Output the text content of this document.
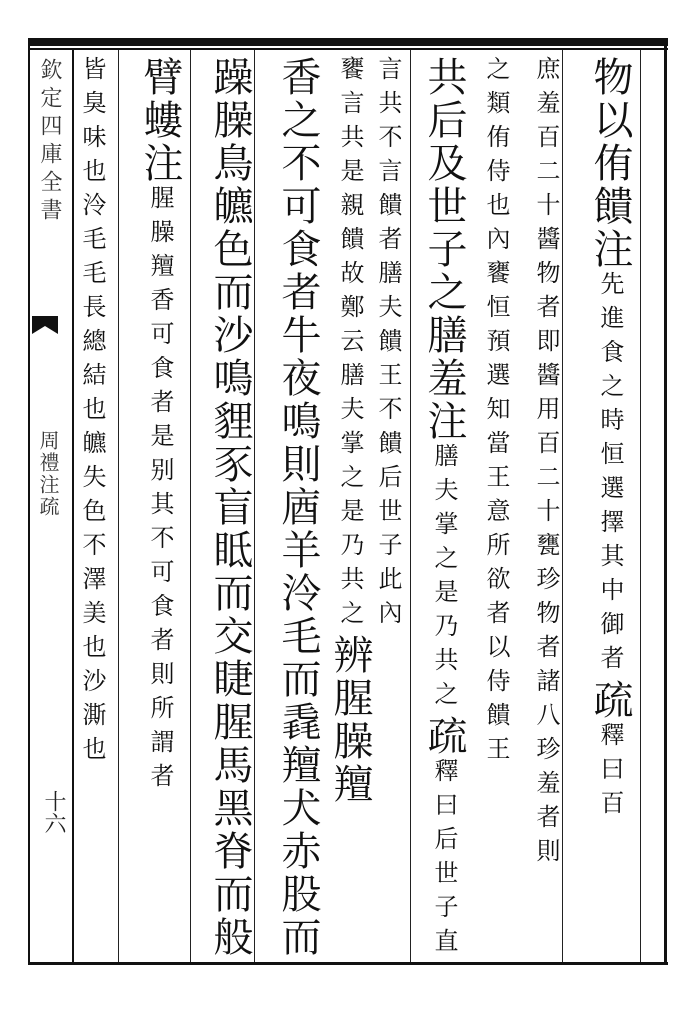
欽定四庫全書
周禮注疏
十六
物以侑饋注先進食之時恒選擇其中御者疏釋曰百
庶羞百二十醬物者即醬用百二十甕珍物者諸八珍羞者則
之類侑侍也內饔恒預選知當王意所欲者以侍饋王
共后及世子之膳羞注膳夫掌之是乃共之疏釋曰后世子直
言共不言饋者膳夫饋王不饋后世子此內
饔言共是親饋故鄭云膳夫掌之是乃共之辨腥臊羶
香之不可食者牛夜鳴則庮羊泠毛而毳羶犬赤股而
躁臊鳥皫色而沙鳴貍豕盲眡而交睫腥馬黑脊而般
臂螻注腥臊羶香可食者是别其不可食者則所謂者
皆臭味也泠毛毛長總結也皫失色不澤美也沙澌也
